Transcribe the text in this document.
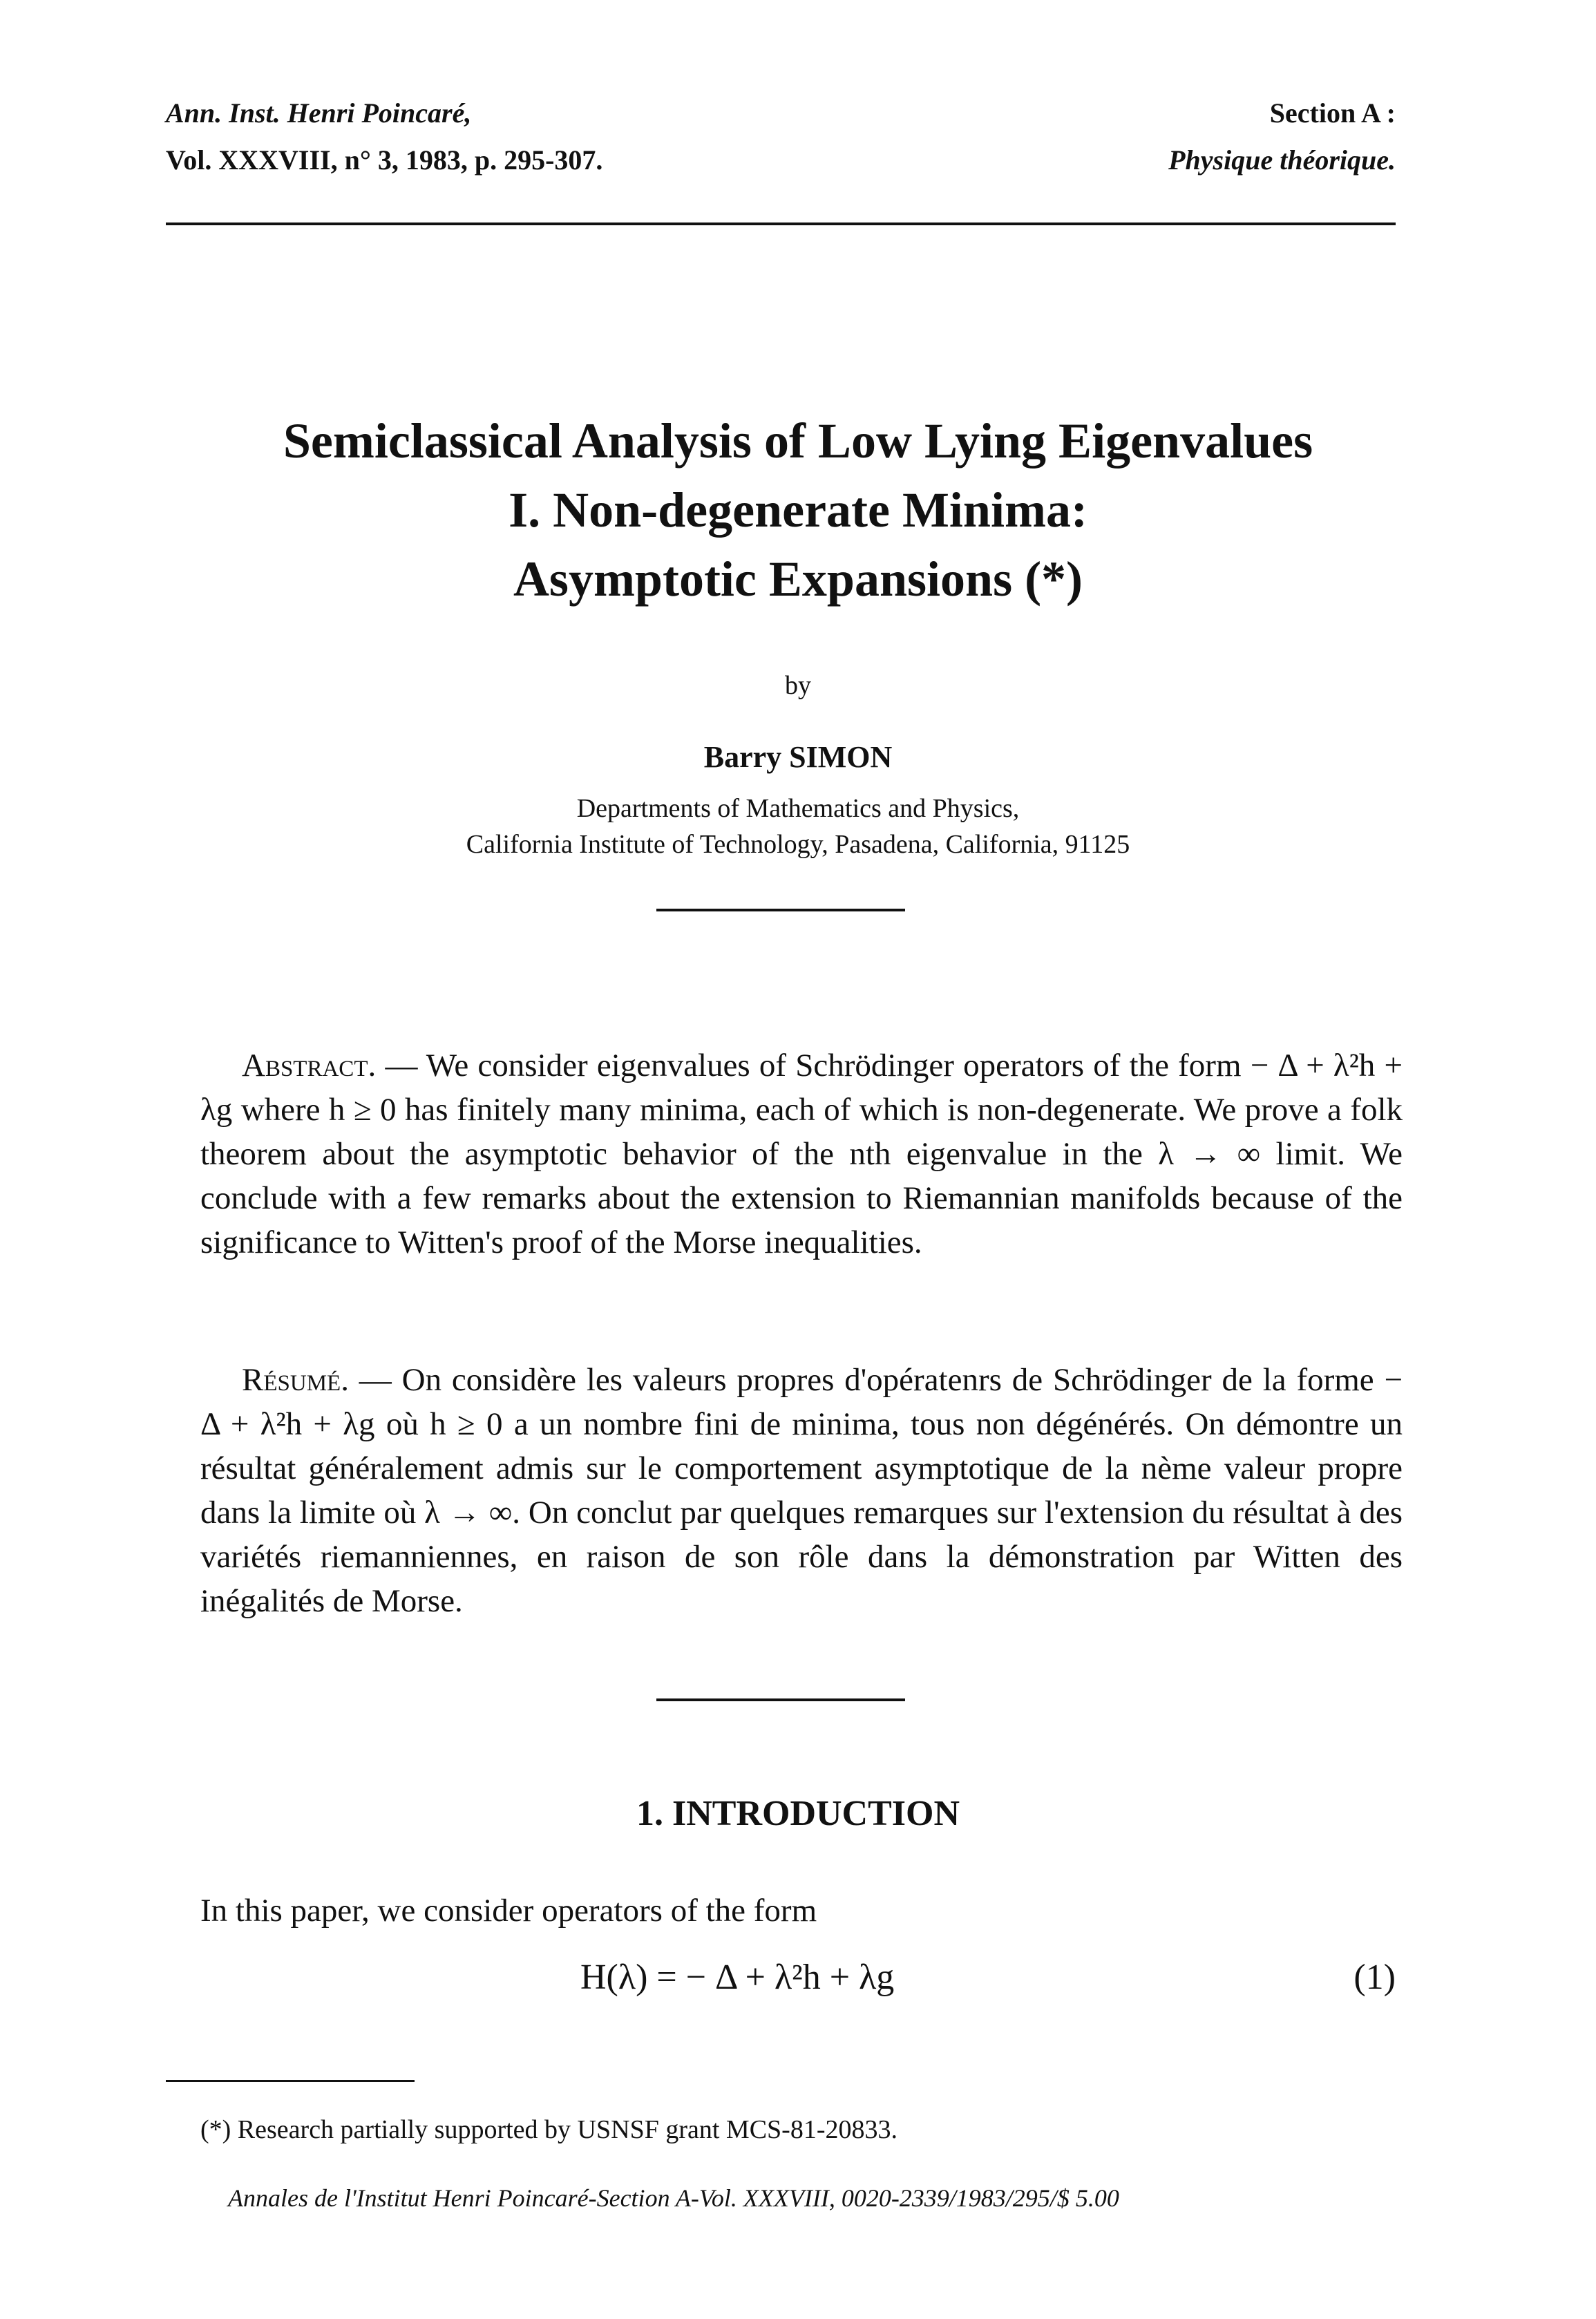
Ann. Inst. Henri Poincaré,
Vol. XXXVIII, n° 3, 1983, p. 295-307.
Section A :
Physique théorique.
Semiclassical Analysis of Low Lying Eigenvalues
I. Non-degenerate Minima:
Asymptotic Expansions (*)
by
Barry SIMON
Departments of Mathematics and Physics,
California Institute of Technology, Pasadena, California, 91125
Abstract. — We consider eigenvalues of Schrödinger operators of the form − Δ + λ²h + λg where h ≥ 0 has finitely many minima, each of which is non-degenerate. We prove a folk theorem about the asymptotic behavior of the nth eigenvalue in the λ → ∞ limit. We conclude with a few remarks about the extension to Riemannian manifolds because of the significance to Witten's proof of the Morse inequalities.
Résumé. — On considère les valeurs propres d'opératenrs de Schrödinger de la forme − Δ + λ²h + λg où h ≥ 0 a un nombre fini de minima, tous non dégénérés. On démontre un résultat généralement admis sur le comportement asymptotique de la nème valeur propre dans la limite où λ → ∞. On conclut par quelques remarques sur l'extension du résultat à des variétés riemanniennes, en raison de son rôle dans la démonstration par Witten des inégalités de Morse.
1. INTRODUCTION
In this paper, we consider operators of the form
H(λ) = − Δ + λ²h + λg	(1)
(*) Research partially supported by USNSF grant MCS-81-20833.
Annales de l'Institut Henri Poincaré-Section A-Vol. XXXVIII, 0020-2339/1983/295/$ 5.00
